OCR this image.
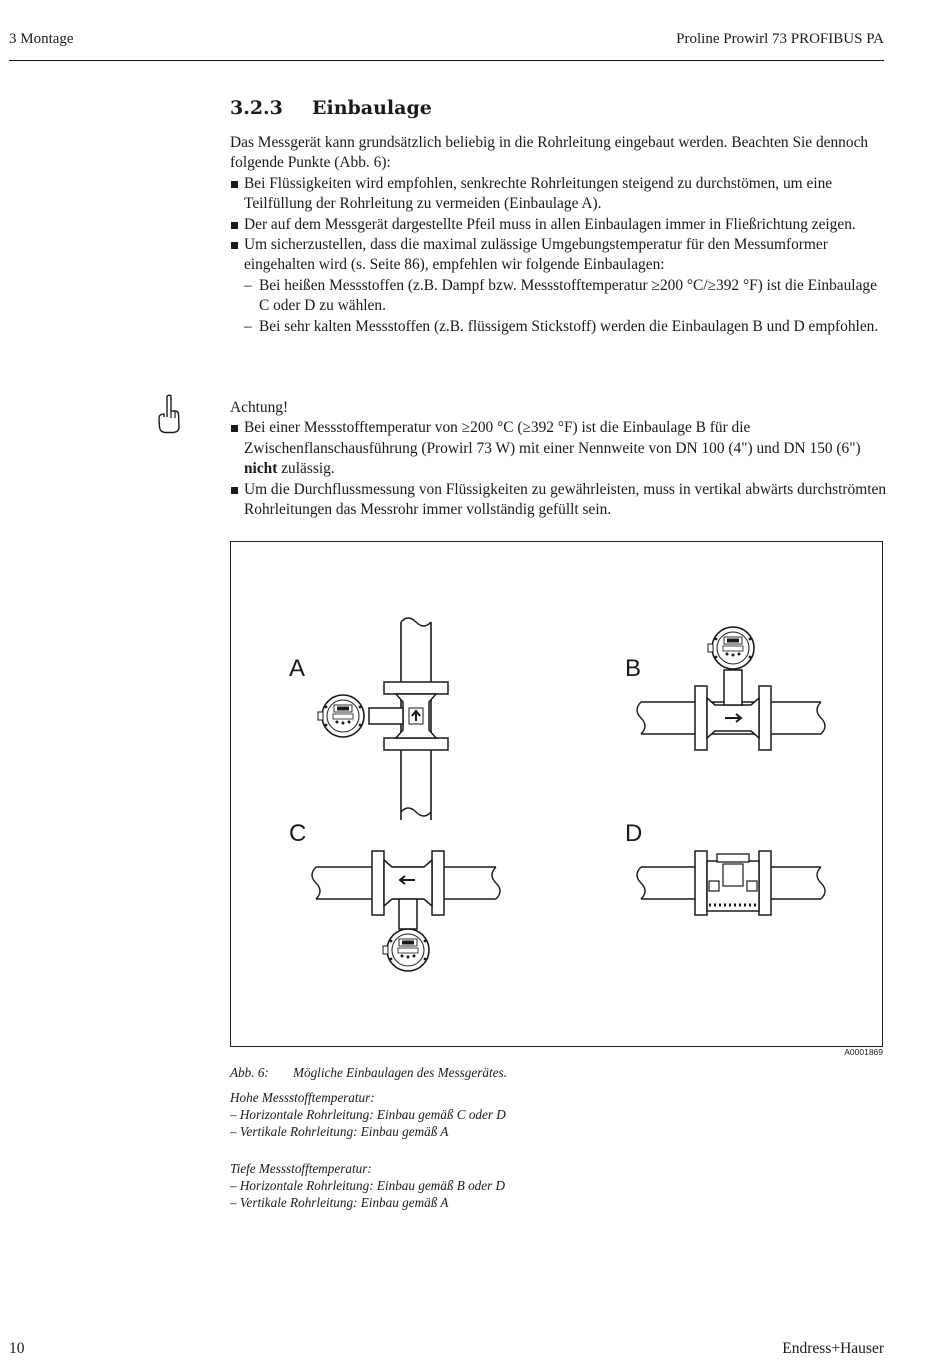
3 Montage	Proline Prowirl 73 PROFIBUS PA
3.2.3 Einbaulage

Das Messgerät kann grundsätzlich beliebig in die Rohrleitung eingebaut werden. Beachten Sie dennoch folgende Punkte (Abb. 6):

Bei Flüssigkeiten wird empfohlen, senkrechte Rohrleitungen steigend zu durchstömen, um eine Teilfüllung der Rohrleitung zu vermeiden (Einbaulage A).

Der auf dem Messgerät dargestellte Pfeil muss in allen Einbaulagen immer in Fließrichtung zeigen.

Um sicherzustellen, dass die maximal zulässige Umgebungstemperatur für den Messumformer eingehalten wird (s. Seite 86), empfehlen wir folgende Einbaulagen:

– Bei heißen Messstoffen (z.B. Dampf bzw. Messstofftemperatur ≥200 °C/≥392 °F) ist die Einbaulage C oder D zu wählen.

– Bei sehr kalten Messstoffen (z.B. flüssigem Stickstoff) werden die Einbaulagen B und D empfohlen.

Achtung!

Bei einer Messstofftemperatur von ≥200 °C (≥392 °F) ist die Einbaulage B für die Zwischenflanschausführung (Prowirl 73 W) mit einer Nennweite von DN 100 (4") und DN 150 (6") nicht zulässig.

Um die Durchflussmessung von Flüssigkeiten zu gewährleisten, muss in vertikal abwärts durchströmten Rohrleitungen das Messrohr immer vollständig gefüllt sein.

A	B
C	D
A0001869
Abb. 6: Mögliche Einbaulagen des Messgerätes.

Hohe Messstofftemperatur:

– Horizontale Rohrleitung: Einbau gemäß C oder D

– Vertikale Rohrleitung: Einbau gemäß A

Tiefe Messstofftemperatur:

– Horizontale Rohrleitung: Einbau gemäß B oder D

– Vertikale Rohrleitung: Einbau gemäß A

10	Endress+Hauser
